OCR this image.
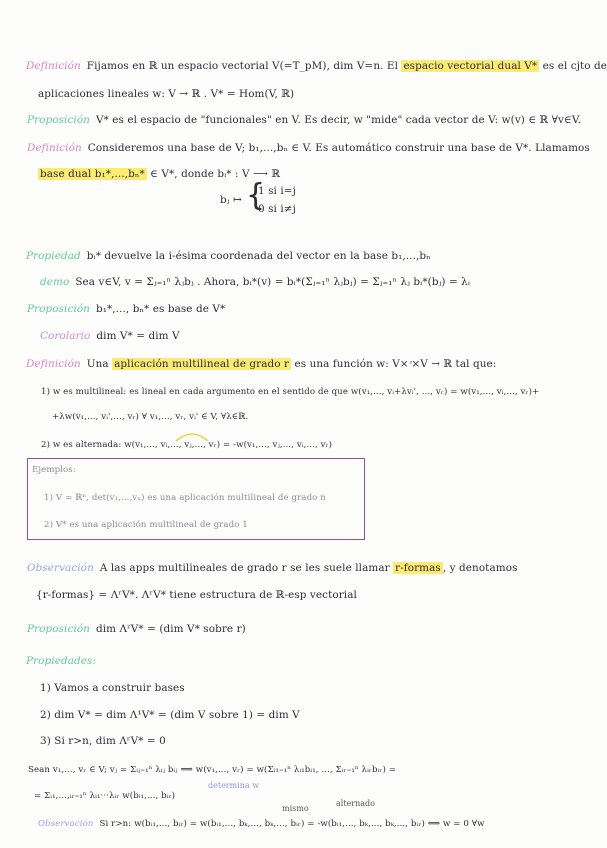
Definición Fijamos en ℝ un espacio vectorial V(=T_pM), dim V=n. El espacio vectorial dual V* es el cjto de
aplicaciones lineales w: V → ℝ . V* = Hom(V, ℝ)
Proposición V* es el espacio de "funcionales" en V. Es decir, w "mide" cada vector de V: w(v) ∈ ℝ ∀v∈V.
Definición Consideremos una base de V; b₁,...,bₙ ∈ V. Es automático construir una base de V*. Llamamos
base dual b₁*,...,bₙ* ∈ V*, donde bᵢ* : V ⟶ ℝ
bⱼ ↦ {
1 si i=j
0 si i≠j
Propiedad bᵢ* devuelve la i-ésima coordenada del vector en la base b₁,...,bₙ
demo Sea v∈V, v = Σⱼ₌₁ⁿ λⱼbⱼ . Ahora, bᵢ*(v) = bᵢ*(Σⱼ₌₁ⁿ λⱼbⱼ) = Σⱼ₌₁ⁿ λⱼ bᵢ*(bⱼ) = λᵢ
Proposición b₁*,..., bₙ* es base de V*
Corolario dim V* = dim V
Definición Una aplicación multilineal de grado r es una función w: V× ͬ×V → ℝ tal que:
1) w es multilineal: es lineal en cada argumento en el sentido de que w(v₁,..., vᵢ+λvᵢ', ..., vᵣ) = w(v₁,..., vᵢ,..., vᵣ)+
+λw(v₁,..., vᵢ',..., vᵣ) ∀ v₁,..., vᵣ, vᵢ' ∈ V, ∀λ∈ℝ.
2) w es alternada: w(v₁,..., vᵢ,..., vⱼ,..., vᵣ) = -w(v₁,..., vⱼ,..., vᵢ,..., vᵣ)
Ejemplos:
1) V = ℝⁿ, det(v₁,...,vₙ) es una aplicación multilineal de grado n
2) V* es una aplicación multilineal de grado 1
Observación A las apps multilineales de grado r se les suele llamar r-formas , y denotamos
{r-formas} = ΛʳV*. ΛʳV* tiene estructura de ℝ-esp vectorial
Proposición dim ΛʳV* = (dim V* sobre r)
Propiedades:
1) Vamos a construir bases
2) dim V* = dim Λ¹V* = (dim V sobre 1) = dim V
3) Si r>n, dim ΛʳV* = 0
Sean v₁,..., vᵣ ∈ V; vⱼ = Σᵢⱼ₌₁ⁿ λᵢⱼ bᵢⱼ ⟹ w(v₁,..., vᵣ) = w(Σᵢ₁₌₁ⁿ λᵢ₁bᵢ₁, ..., Σᵢᵣ₌₁ⁿ λᵢᵣbᵢᵣ) =
= Σᵢ₁,...,ᵢᵣ₌₁ⁿ λᵢ₁···λᵢᵣ w(bᵢ₁,..., bᵢᵣ)
determina w
mismo
alternado
Observación Si r>n: w(bᵢ₁,..., bᵢᵣ) = w(bᵢ₁,..., bₖ,..., bₖ,..., bᵢᵣ) = -w(bᵢ₁,..., bₖ,..., bₖ,..., bᵢᵣ) ⟺ w = 0 ∀w
